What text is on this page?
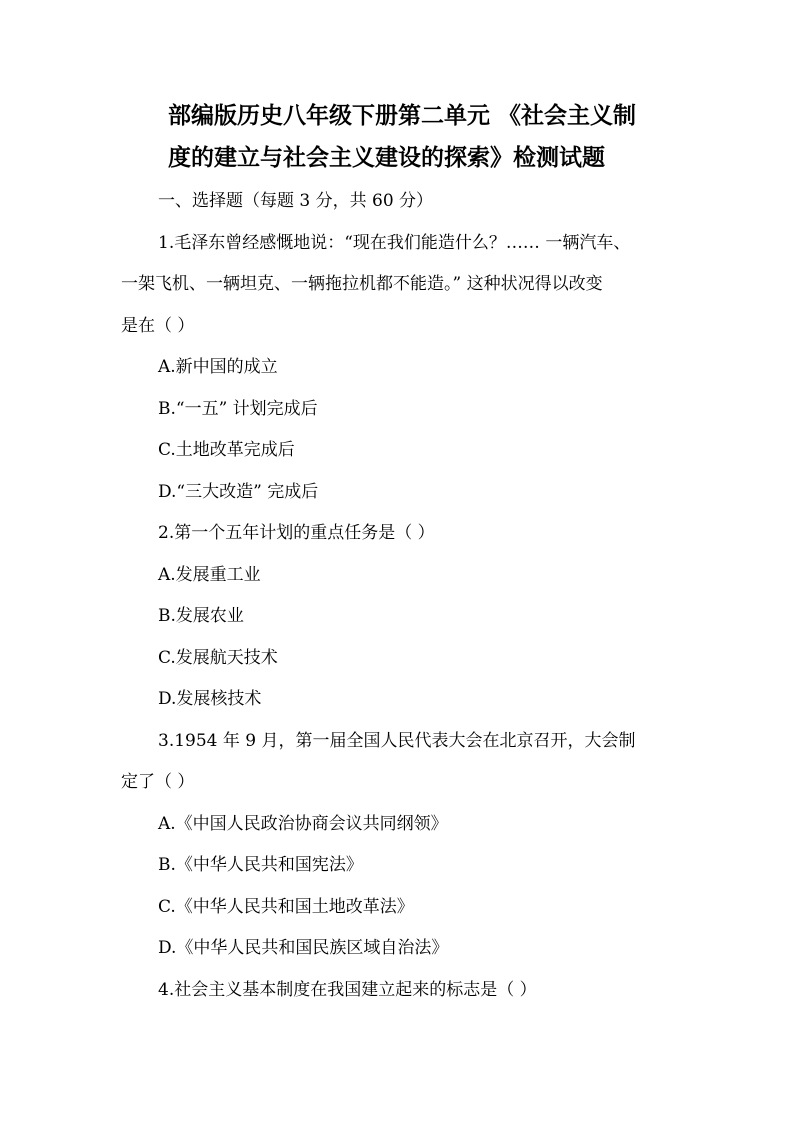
部编版历史八年级下册第二单元 《社会主义制
度的建立与社会主义建设的探索》检测试题
一、选择题（每题 3 分，共 60 分）
1.毛泽东曾经感慨地说：“现在我们能造什么？…… 一辆汽车、
一架飞机、一辆坦克、一辆拖拉机都不能造。” 这种状况得以改变
是在（ ）
A.新中国的成立
B.“一五” 计划完成后
C.土地改革完成后
D.“三大改造” 完成后
2.第一个五年计划的重点任务是（ ）
A.发展重工业
B.发展农业
C.发展航天技术
D.发展核技术
3.1954 年 9 月，第一届全国人民代表大会在北京召开，大会制
定了（ ）
A.《中国人民政治协商会议共同纲领》
B.《中华人民共和国宪法》
C.《中华人民共和国土地改革法》
D.《中华人民共和国民族区域自治法》
4.社会主义基本制度在我国建立起来的标志是（ ）
